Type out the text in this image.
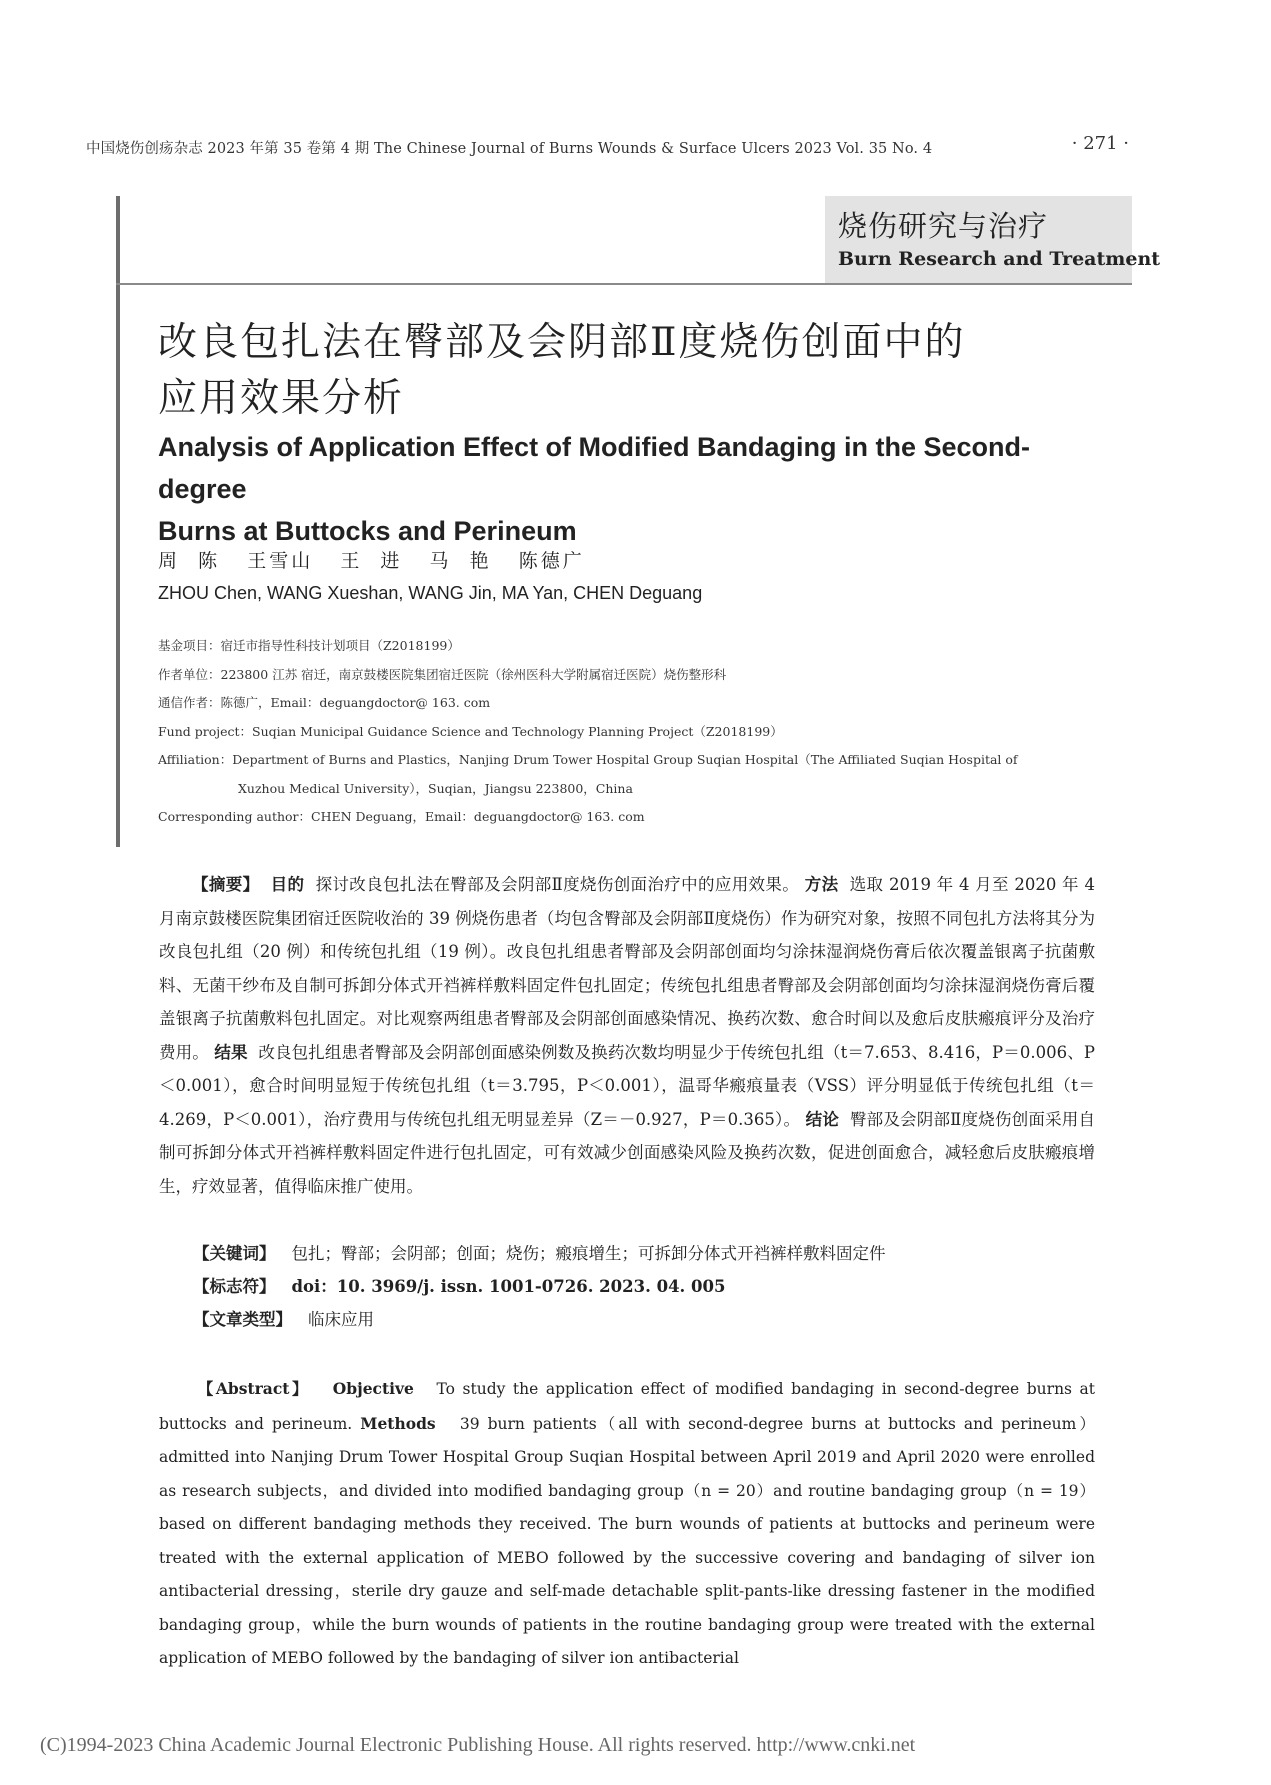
中国烧伤创疡杂志 2023 年第 35 卷第 4 期 The Chinese Journal of Burns Wounds & Surface Ulcers 2023 Vol. 35 No. 4	· 271 ·
烧伤研究与治疗
Burn Research and Treatment
改良包扎法在臀部及会阴部Ⅱ度烧伤创面中的
应用效果分析
Analysis of Application Effect of Modified Bandaging in the Second-degree
Burns at Buttocks and Perineum
周  陈   王雪山   王  进   马  艳   陈德广
ZHOU Chen, WANG Xueshan, WANG Jin, MA Yan, CHEN Deguang
基金项目：宿迁市指导性科技计划项目（Z2018199）
作者单位：223800 江苏 宿迁，南京鼓楼医院集团宿迁医院（徐州医科大学附属宿迁医院）烧伤整形科
通信作者：陈德广，Email：deguangdoctor@ 163. com
Fund project：Suqian Municipal Guidance Science and Technology Planning Project（Z2018199）
Affiliation：Department of Burns and Plastics，Nanjing Drum Tower Hospital Group Suqian Hospital（The Affiliated Suqian Hospital of
Xuzhou Medical University），Suqian，Jiangsu 223800，China
Corresponding author：CHEN Deguang，Email：deguangdoctor@ 163. com
【摘要】 目的 探讨改良包扎法在臀部及会阴部Ⅱ度烧伤创面治疗中的应用效果。 方法 选取 2019 年 4 月至 2020 年 4 月南京鼓楼医院集团宿迁医院收治的 39 例烧伤患者（均包含臀部及会阴部Ⅱ度烧伤）作为研究对象，按照不同包扎方法将其分为改良包扎组（20 例）和传统包扎组（19 例）。改良包扎组患者臀部及会阴部创面均匀涂抹湿润烧伤膏后依次覆盖银离子抗菌敷料、无菌干纱布及自制可拆卸分体式开裆裤样敷料固定件包扎固定；传统包扎组患者臀部及会阴部创面均匀涂抹湿润烧伤膏后覆盖银离子抗菌敷料包扎固定。对比观察两组患者臀部及会阴部创面感染情况、换药次数、愈合时间以及愈后皮肤瘢痕评分及治疗费用。 结果 改良包扎组患者臀部及会阴部创面感染例数及换药次数均明显少于传统包扎组（t＝7.653、8.416，P＝0.006、P＜0.001），愈合时间明显短于传统包扎组（t＝3.795，P＜0.001），温哥华瘢痕量表（VSS）评分明显低于传统包扎组（t＝4.269，P＜0.001），治疗费用与传统包扎组无明显差异（Z＝－0.927，P＝0.365）。 结论 臀部及会阴部Ⅱ度烧伤创面采用自制可拆卸分体式开裆裤样敷料固定件进行包扎固定，可有效减少创面感染风险及换药次数，促进创面愈合，减轻愈后皮肤瘢痕增生，疗效显著，值得临床推广使用。
【关键词】 包扎；臀部；会阴部；创面；烧伤；瘢痕增生；可拆卸分体式开裆裤样敷料固定件
【标志符】 doi：10. 3969/j. issn. 1001-0726. 2023. 04. 005
【文章类型】 临床应用
【Abstract】 Objective To study the application effect of modified bandaging in second-degree burns at buttocks and perineum. Methods 39 burn patients（all with second-degree burns at buttocks and perineum）admitted into Nanjing Drum Tower Hospital Group Suqian Hospital between April 2019 and April 2020 were enrolled as research subjects，and divided into modified bandaging group（n = 20）and routine bandaging group（n = 19） based on different bandaging methods they received. The burn wounds of patients at buttocks and perineum were treated with the external application of MEBO followed by the successive covering and bandaging of silver ion antibacterial dressing，sterile dry gauze and self-made detachable split-pants-like dressing fastener in the modified bandaging group，while the burn wounds of patients in the routine bandaging group were treated with the external application of MEBO followed by the bandaging of silver ion antibacterial
(C)1994-2023 China Academic Journal Electronic Publishing House. All rights reserved. http://www.cnki.net
